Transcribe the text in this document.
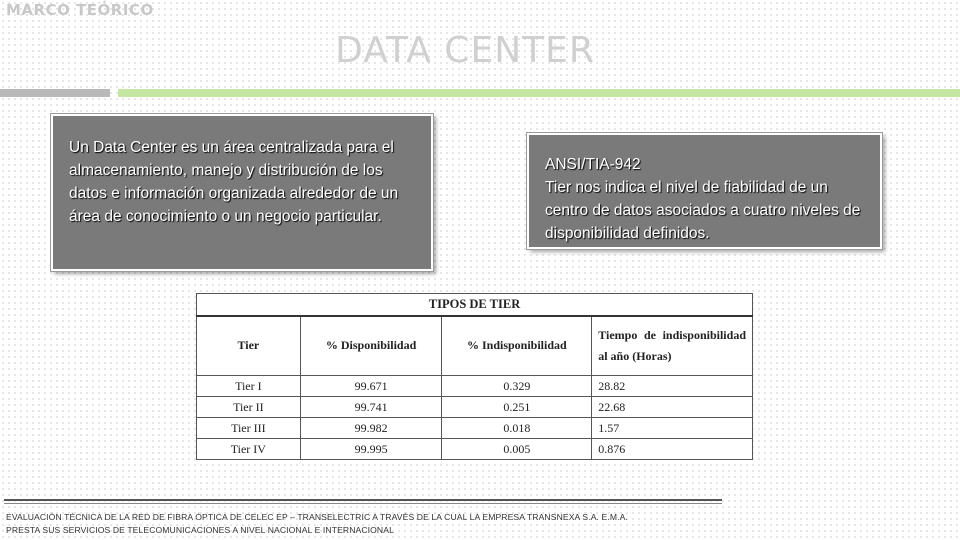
MARCO TEÓRICO
DATA CENTER
Un Data Center es un área centralizada para el almacenamiento, manejo y distribución de los datos e información organizada alrededor de un área de conocimiento o un negocio particular.
ANSI/TIA-942
Tier nos indica el nivel de fiabilidad de un centro de datos asociados a cuatro niveles de disponibilidad definidos.
TIPOS DE TIER			
Tier	% Disponibilidad	% Indisponibilidad	Tiempo de indisponibilidad al año (Horas)
Tier I	99.671	0.329	28.82
Tier II	99.741	0.251	22.68
Tier III	99.982	0.018	1.57
Tier IV	99.995	0.005	0.876
EVALUACIÓN TÉCNICA DE LA RED DE FIBRA ÓPTICA DE CELEC EP – TRANSELECTRIC A TRAVÉS DE LA CUAL LA EMPRESA TRANSNEXA S.A. E.M.A.
PRESTA SUS SERVICIOS DE TELECOMUNICACIONES A NIVEL NACIONAL E INTERNACIONAL
